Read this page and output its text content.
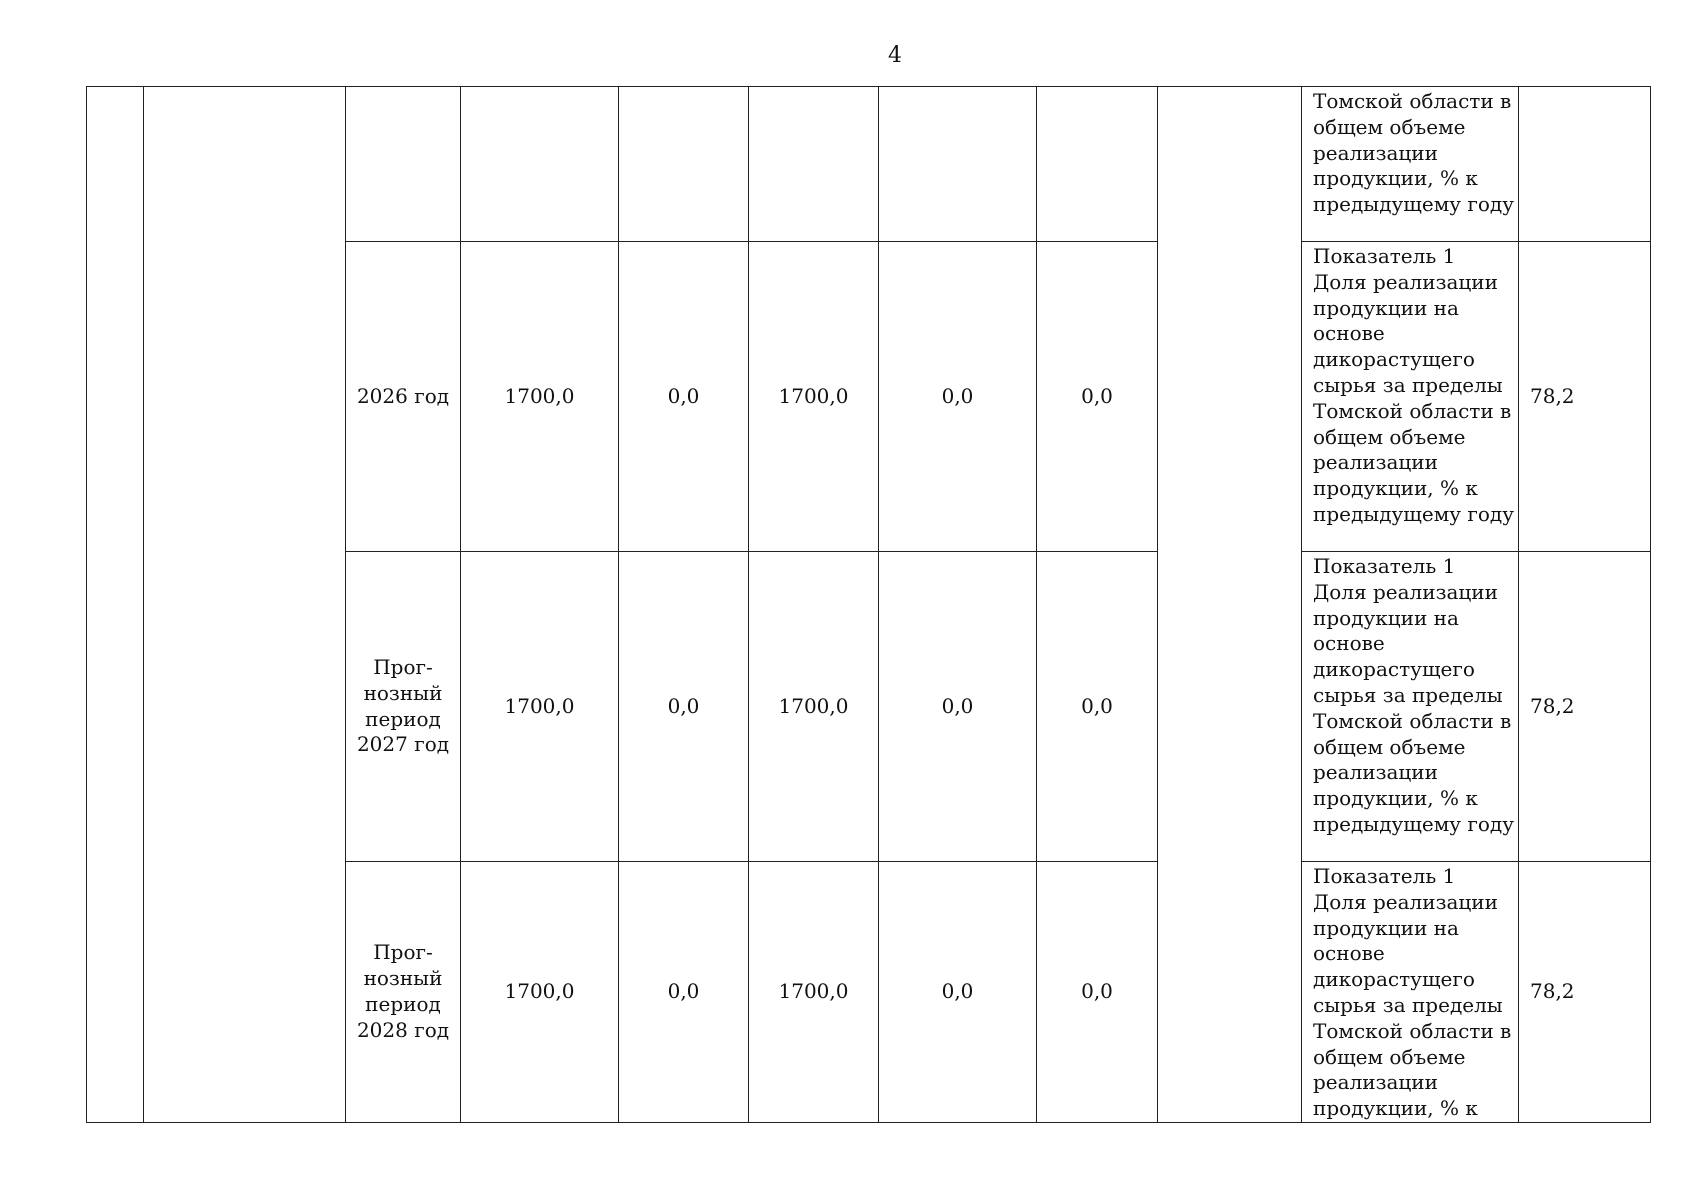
4
									Томской области в общем объеме реализации продукции, % к предыдущему году	
		2026 год	1700,0	0,0	1700,0	0,0	0,0		Показатель 1 Доля реализации продукции на основе дикорастущего сырья за пределы Томской области в общем объеме реализации продукции, % к предыдущему году	78,2
		Прог-
нозный
период
2027 год	1700,0	0,0	1700,0	0,0	0,0		Показатель 1 Доля реализации продукции на основе дикорастущего сырья за пределы Томской области в общем объеме реализации продукции, % к предыдущему году	78,2
		Прог-
нозный
период
2028 год	1700,0	0,0	1700,0	0,0	0,0		Показатель 1 Доля реализации продукции на основе дикорастущего сырья за пределы Томской области в общем объеме реализации продукции, % к	78,2
